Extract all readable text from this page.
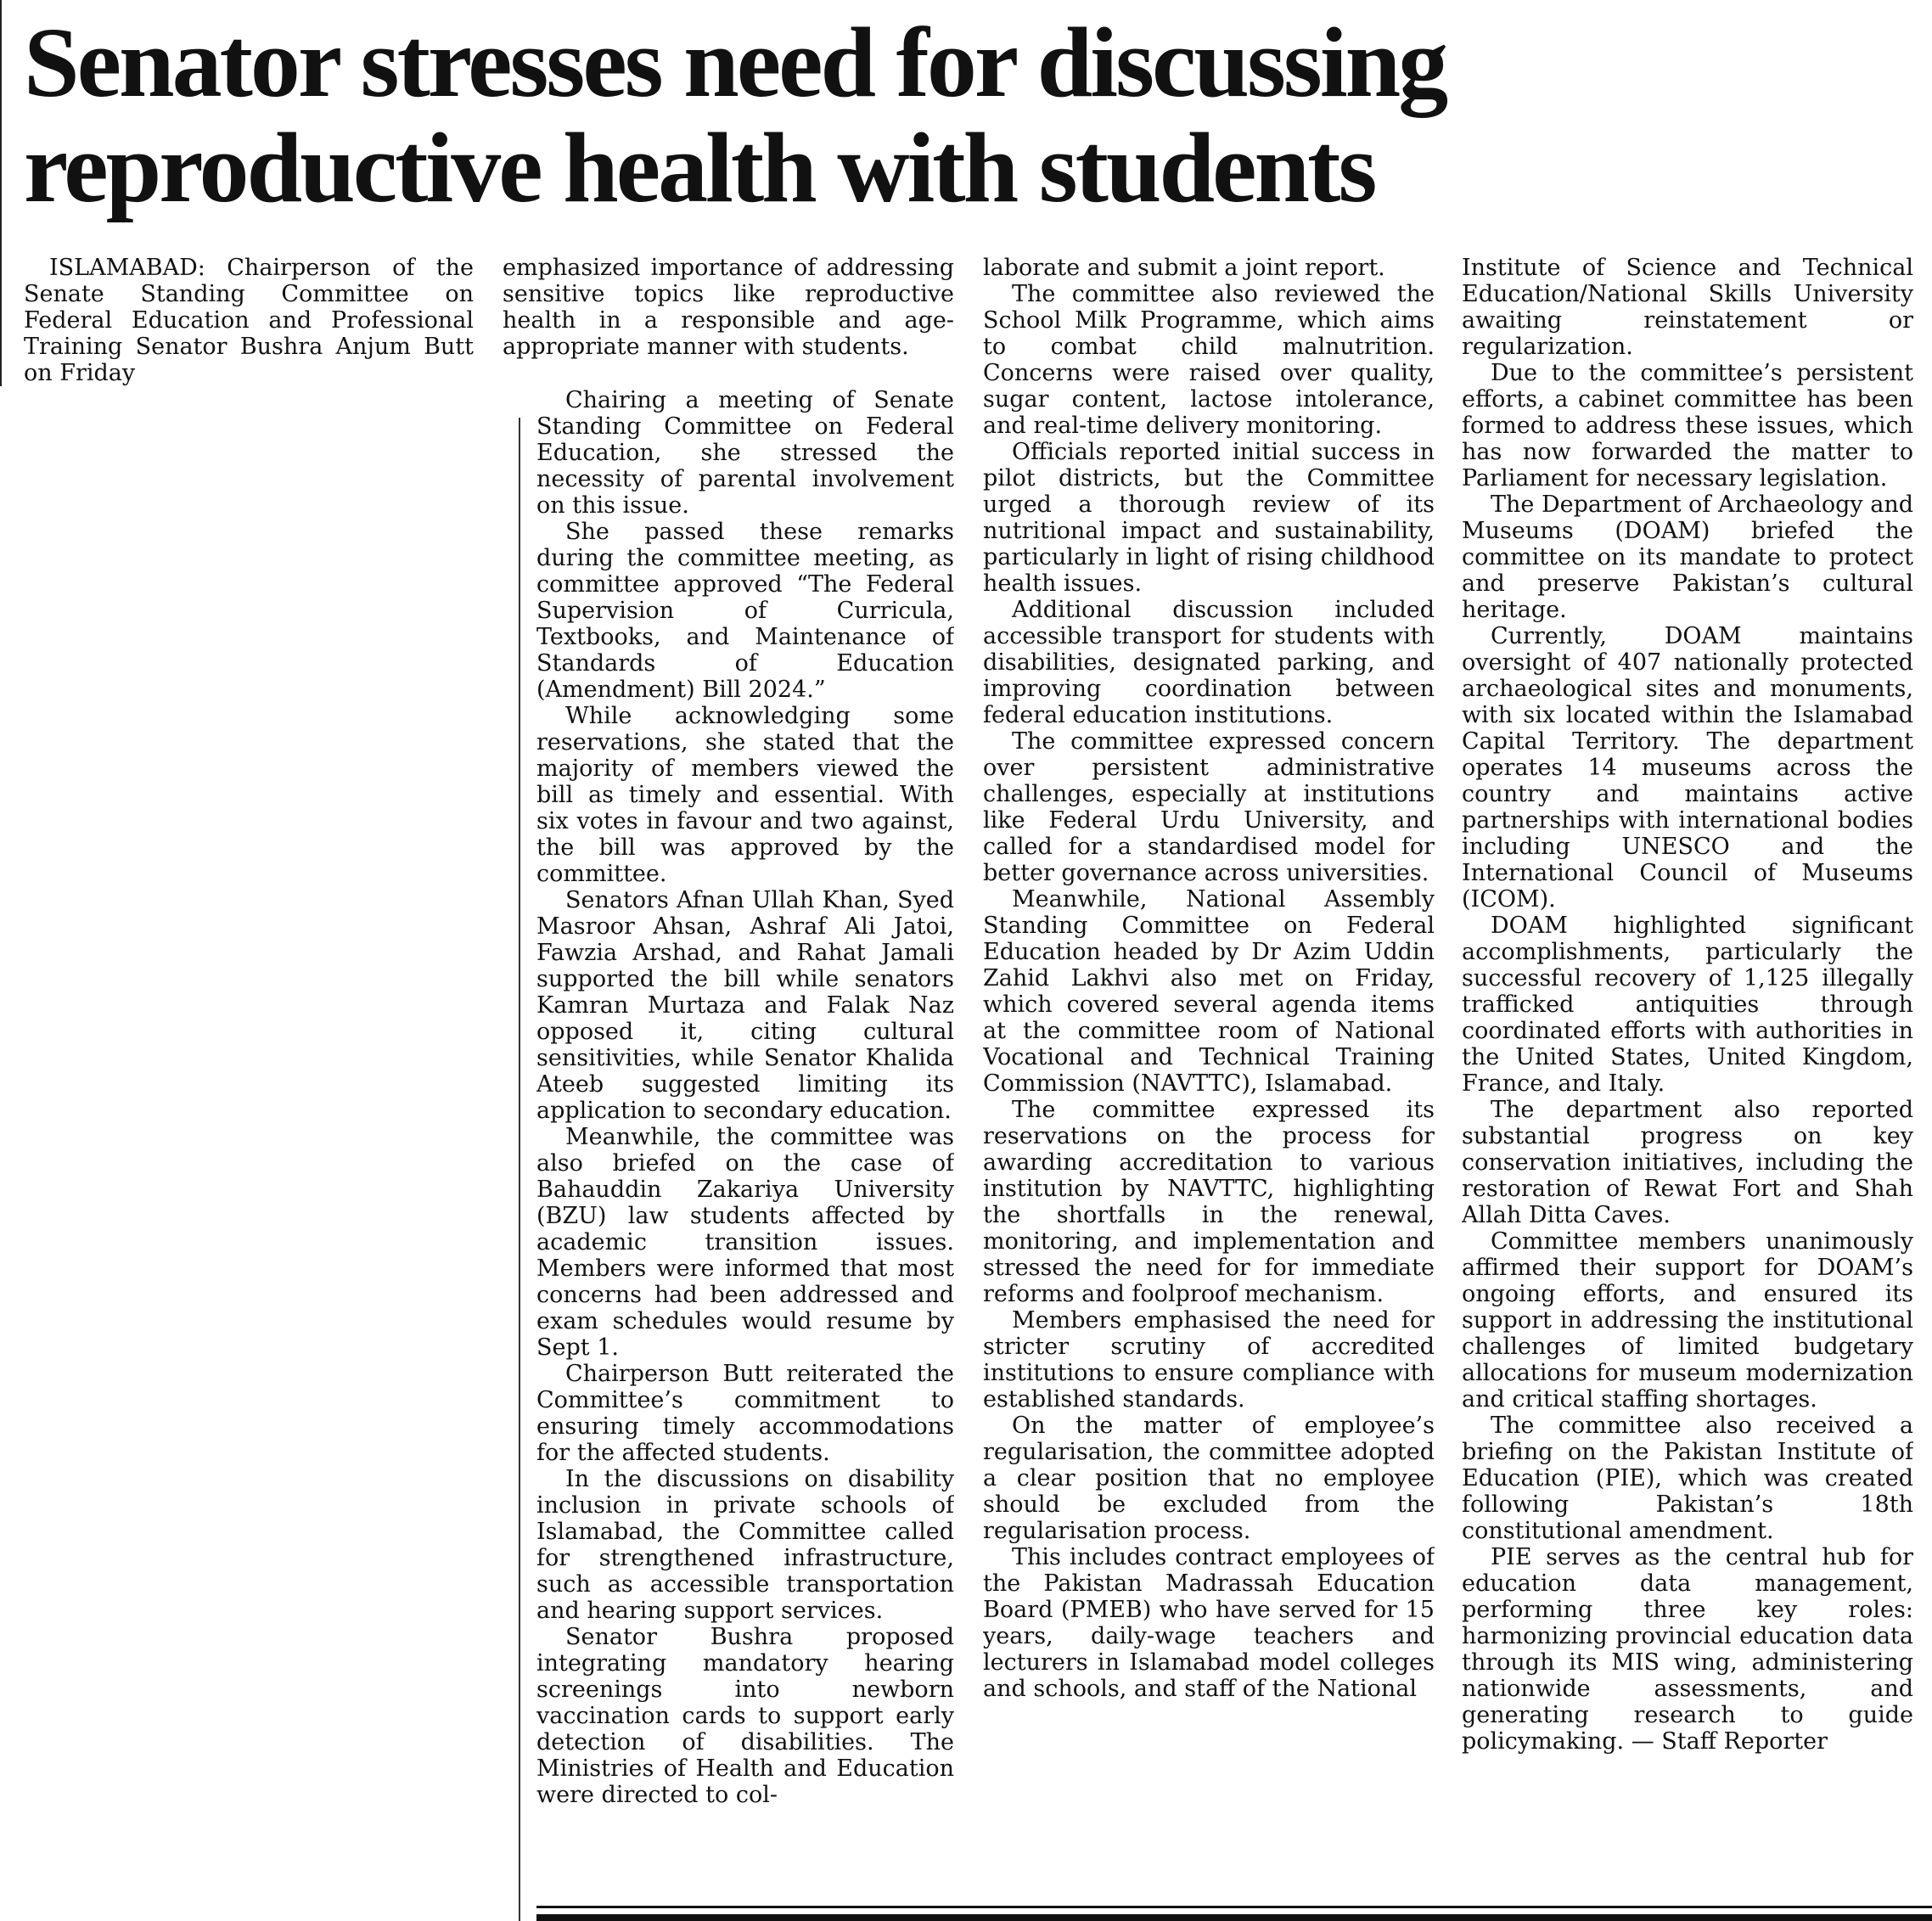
Senator stresses need for discussing reproductive health with students

ISLAMABAD: Chairperson of the Senate Standing Committee on Federal Education and Professional Training Senator Bushra Anjum Butt on Friday

emphasized importance of addressing sensitive topics like reproductive health in a responsible and age-appropriate manner with students.

Chairing a meeting of Senate Standing Committee on Federal Education, she stressed the necessity of parental involvement on this issue.

She passed these remarks during the committee meeting, as committee approved “The Federal Supervision of Curricula, Textbooks, and Maintenance of Standards of Education (Amendment) Bill 2024.”

While acknowledging some reservations, she stated that the majority of members viewed the bill as timely and essential. With six votes in favour and two against, the bill was approved by the committee.

Senators Afnan Ullah Khan, Syed Masroor Ahsan, Ashraf Ali Jatoi, Fawzia Arshad, and Rahat Jamali supported the bill while senators Kamran Murtaza and Falak Naz opposed it, citing cultural sensitivities, while Senator Khalida Ateeb suggested limiting its application to secondary education.

Meanwhile, the committee was also briefed on the case of Bahauddin Zakariya University (BZU) law students affected by academic transition issues. Members were informed that most concerns had been addressed and exam schedules would resume by Sept 1.

Chairperson Butt reiterated the Committee’s commitment to ensuring timely accommodations for the affected students.

In the discussions on disability inclusion in private schools of Islamabad, the Committee called for strengthened infrastructure, such as accessible transportation and hearing support services.

Senator Bushra proposed integrating mandatory hearing screenings into newborn vaccination cards to support early detection of disabilities. The Ministries of Health and Education were directed to col-

laborate and submit a joint report.

The committee also reviewed the School Milk Programme, which aims to combat child malnutrition. Concerns were raised over quality, sugar content, lactose intolerance, and real-time delivery monitoring.

Officials reported initial success in pilot districts, but the Committee urged a thorough review of its nutritional impact and sustainability, particularly in light of rising childhood health issues.

Additional discussion included accessible transport for students with disabilities, designated parking, and improving coordination between federal education institutions.

The committee expressed concern over persistent administrative challenges, especially at institutions like Federal Urdu University, and called for a standardised model for better governance across universities.

Meanwhile, National Assembly Standing Committee on Federal Education headed by Dr Azim Uddin Zahid Lakhvi also met on Friday, which covered several agenda items at the committee room of National Vocational and Technical Training Commission (NAVTTC), Islamabad.

The committee expressed its reservations on the process for awarding accreditation to various institution by NAVTTC, highlighting the shortfalls in the renewal, monitoring, and implementation and stressed the need for for immediate reforms and foolproof mechanism.

Members emphasised the need for stricter scrutiny of accredited institutions to ensure compliance with established standards.

On the matter of employee’s regularisation, the committee adopted a clear position that no employee should be excluded from the regularisation process.

This includes contract employees of the Pakistan Madrassah Education Board (PMEB) who have served for 15 years, daily-wage teachers and lecturers in Islamabad model colleges and schools, and staff of the National

Institute of Science and Technical Education/National Skills University awaiting reinstatement or regularization.

Due to the committee’s persistent efforts, a cabinet committee has been formed to address these issues, which has now forwarded the matter to Parliament for necessary legislation.

The Department of Archaeology and Museums (DOAM) briefed the committee on its mandate to protect and preserve Pakistan’s cultural heritage.

Currently, DOAM maintains oversight of 407 nationally protected archaeological sites and monuments, with six located within the Islamabad Capital Territory. The department operates 14 museums across the country and maintains active partnerships with international bodies including UNESCO and the International Council of Museums (ICOM).

DOAM highlighted significant accomplishments, particularly the successful recovery of 1,125 illegally trafficked antiquities through coordinated efforts with authorities in the United States, United Kingdom, France, and Italy.

The department also reported substantial progress on key conservation initiatives, including the restoration of Rewat Fort and Shah Allah Ditta Caves.

Committee members unanimously affirmed their support for DOAM’s ongoing efforts, and ensured its support in addressing the institutional challenges of limited budgetary allocations for museum modernization and critical staffing shortages.

The committee also received a briefing on the Pakistan Institute of Education (PIE), which was created following Pakistan’s 18th constitutional amendment.

PIE serves as the central hub for education data management, performing three key roles: harmonizing provincial education data through its MIS wing, administering nationwide assessments, and generating research to guide policymaking. — Staff Reporter
